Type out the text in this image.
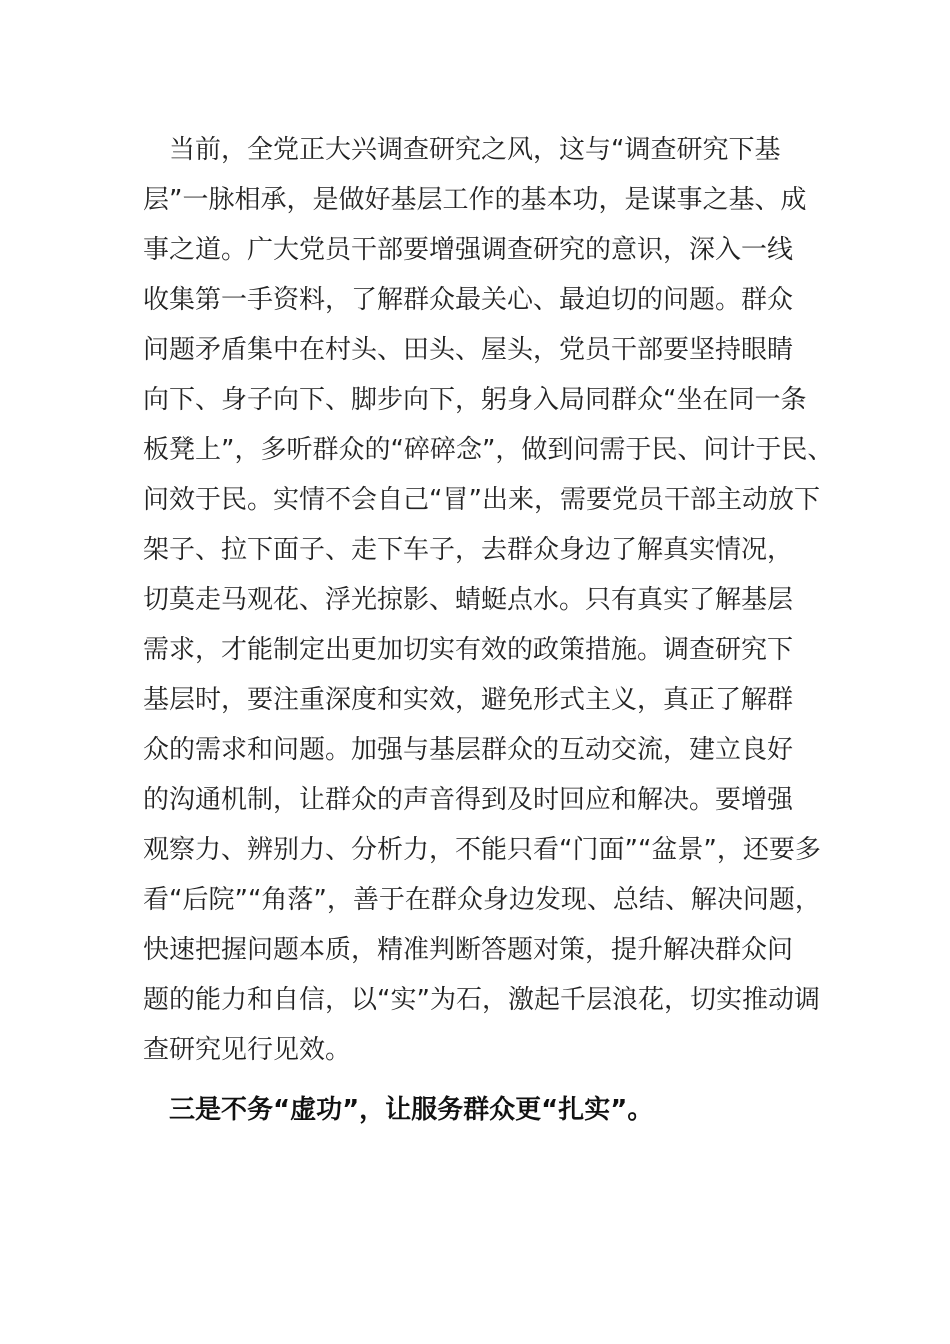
　当前，全党正大兴调查研究之风，这与“调查研究下基
层”一脉相承，是做好基层工作的基本功，是谋事之基、成
事之道。广大党员干部要增强调查研究的意识，深入一线
收集第一手资料，了解群众最关心、最迫切的问题。群众
问题矛盾集中在村头、田头、屋头，党员干部要坚持眼睛
向下、身子向下、脚步向下，躬身入局同群众“坐在同一条
板凳上”，多听群众的“碎碎念”，做到问需于民、问计于民、
问效于民。实情不会自己“冒”出来，需要党员干部主动放下
架子、拉下面子、走下车子，去群众身边了解真实情况，
切莫走马观花、浮光掠影、蜻蜓点水。只有真实了解基层
需求，才能制定出更加切实有效的政策措施。调查研究下
基层时，要注重深度和实效，避免形式主义，真正了解群
众的需求和问题。加强与基层群众的互动交流，建立良好
的沟通机制，让群众的声音得到及时回应和解决。要增强
观察力、辨别力、分析力，不能只看“门面”“盆景”，还要多
看“后院”“角落”，善于在群众身边发现、总结、解决问题，
快速把握问题本质，精准判断答题对策，提升解决群众问
题的能力和自信，以“实”为石，激起千层浪花，切实推动调
查研究见行见效。
　三是不务“虚功”，让服务群众更“扎实”。
